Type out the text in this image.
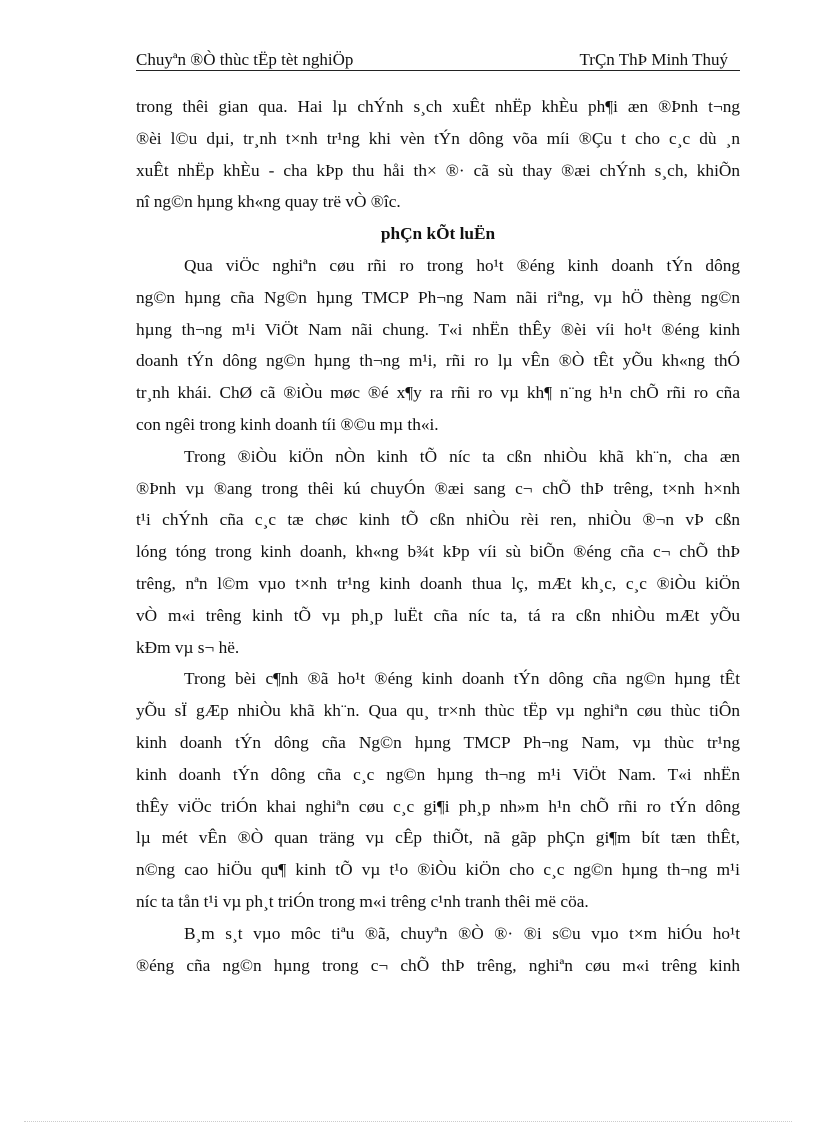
Chuyªn ®Ò thùc tËp tèt nghiÖp	TrÇn ThÞ Minh Thuý
trong thêi gian qua. Hai lµ chÝnh s¸ch xuÊt nhËp khÈu ph¶i æn ®Þnh t¬ng
®èi l©u dµi, tr¸nh t×nh tr¹ng khi vèn tÝn dông võa míi ®Çu t cho c¸c dù ¸n
xuÊt nhËp khÈu - cha kÞp thu håi th× ®· cã sù thay ®æi chÝnh s¸ch, khiÕn
nî ng©n hµng kh«ng quay trë vÒ ®îc.
phÇn kÕt luËn
Qua viÖc nghiªn cøu rñi ro trong ho¹t ®éng kinh doanh tÝn dông
ng©n hµng cña Ng©n hµng TMCP Ph¬ng Nam nãi riªng, vµ hÖ thèng ng©n
hµng th¬ng m¹i ViÖt Nam nãi chung. T«i nhËn thÊy ®èi víi ho¹t ®éng kinh
doanh tÝn dông ng©n hµng th¬ng m¹i, rñi ro lµ vÊn ®Ò tÊt yÕu kh«ng thÓ
tr¸nh khái. ChØ cã ®iÒu møc ®é x¶y ra rñi ro vµ kh¶ n¨ng h¹n chÕ rñi ro cña
con ngêi trong kinh doanh tíi ®©u mµ th«i.
Trong ®iÒu kiÖn nÒn kinh tÕ níc ta cßn nhiÒu khã kh¨n, cha æn
®Þnh vµ ®ang trong thêi kú chuyÓn ®æi sang c¬ chÕ thÞ trêng, t×nh h×nh
t¹i chÝnh cña c¸c tæ chøc kinh tÕ cßn nhiÒu rèi ren, nhiÒu ®¬n vÞ cßn
lóng tóng trong kinh doanh, kh«ng b¾t kÞp víi sù biÕn ®éng cña c¬ chÕ thÞ
trêng, nªn l©m vµo t×nh tr¹ng kinh doanh thua lç, mÆt kh¸c, c¸c ®iÒu kiÖn
vÒ m«i trêng kinh tÕ vµ ph¸p luËt cña níc ta, tá ra cßn nhiÒu mÆt yÕu
kÐm vµ s¬ hë.
Trong bèi c¶nh ®ã ho¹t ®éng kinh doanh tÝn dông cña ng©n hµng tÊt
yÕu sÏ gÆp nhiÒu khã kh¨n. Qua qu¸ tr×nh thùc tËp vµ nghiªn cøu thùc tiÔn
kinh doanh tÝn dông cña Ng©n hµng TMCP Ph¬ng Nam, vµ thùc tr¹ng
kinh doanh tÝn dông cña c¸c ng©n hµng th¬ng m¹i ViÖt Nam. T«i nhËn
thÊy viÖc triÓn khai nghiªn cøu c¸c gi¶i ph¸p nh»m h¹n chÕ rñi ro tÝn dông
lµ mét vÊn ®Ò quan träng vµ cÊp thiÕt, nã gãp phÇn gi¶m bít tæn thÊt,
n©ng cao hiÖu qu¶ kinh tÕ vµ t¹o ®iÒu kiÖn cho c¸c ng©n hµng th¬ng m¹i
níc ta tån t¹i vµ ph¸t triÓn trong m«i trêng c¹nh tranh thêi më cöa.
B¸m s¸t vµo môc tiªu ®ã, chuyªn ®Ò ®· ®i s©u vµo t×m hiÓu ho¹t
®éng cña ng©n hµng trong c¬ chÕ thÞ trêng, nghiªn cøu m«i trêng kinh
